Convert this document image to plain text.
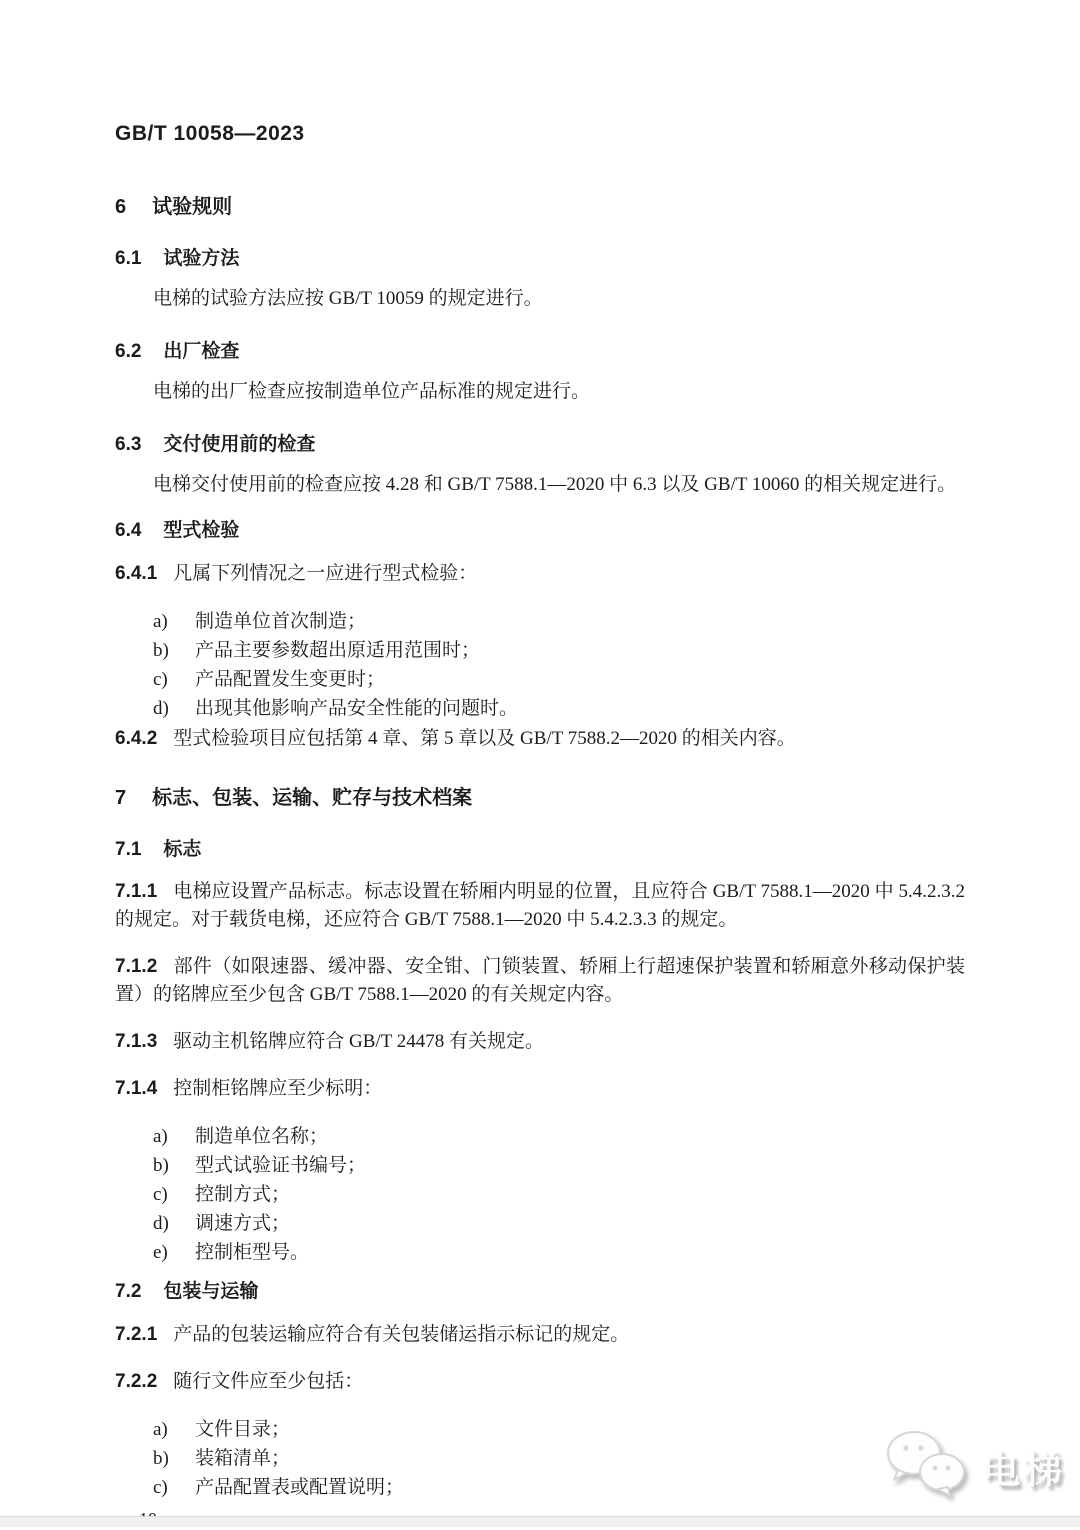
GB/T 10058—2023
6 试验规则
6.1 试验方法

电梯的试验方法应按 GB/T 10059 的规定进行。

6.2 出厂检查

电梯的出厂检查应按制造单位产品标准的规定进行。

6.3 交付使用前的检查

电梯交付使用前的检查应按 4.28 和 GB/T 7588.1—2020 中 6.3 以及 GB/T 10060 的相关规定进行。

6.4 型式检验

6.4.1 凡属下列情况之一应进行型式检验：

a)	制造单位首次制造；
b)	产品主要参数超出原适用范围时；
c)	产品配置发生变更时；
d)	出现其他影响产品安全性能的问题时。

6.4.2 型式检验项目应包括第 4 章、第 5 章以及 GB/T 7588.2—2020 的相关内容。

7 标志、包装、运输、贮存与技术档案
7.1 标志

7.1.1 电梯应设置产品标志。标志设置在轿厢内明显的位置，且应符合 GB/T 7588.1—2020 中 5.4.2.3.2 的规定。对于载货电梯，还应符合 GB/T 7588.1—2020 中 5.4.2.3.3 的规定。

7.1.2 部件（如限速器、缓冲器、安全钳、门锁装置、轿厢上行超速保护装置和轿厢意外移动保护装置）的铭牌应至少包含 GB/T 7588.1—2020 的有关规定内容。

7.1.3 驱动主机铭牌应符合 GB/T 24478 有关规定。

7.1.4 控制柜铭牌应至少标明：

a)	制造单位名称；
b)	型式试验证书编号；
c)	控制方式；
d)	调速方式；
e)	控制柜型号。
7.2 包装与运输

7.2.1 产品的包装运输应符合有关包装储运指示标记的规定。

7.2.2 随行文件应至少包括：

a)	文件目录；
b)	装箱清单；
c)	产品配置表或配置说明；	电梯
